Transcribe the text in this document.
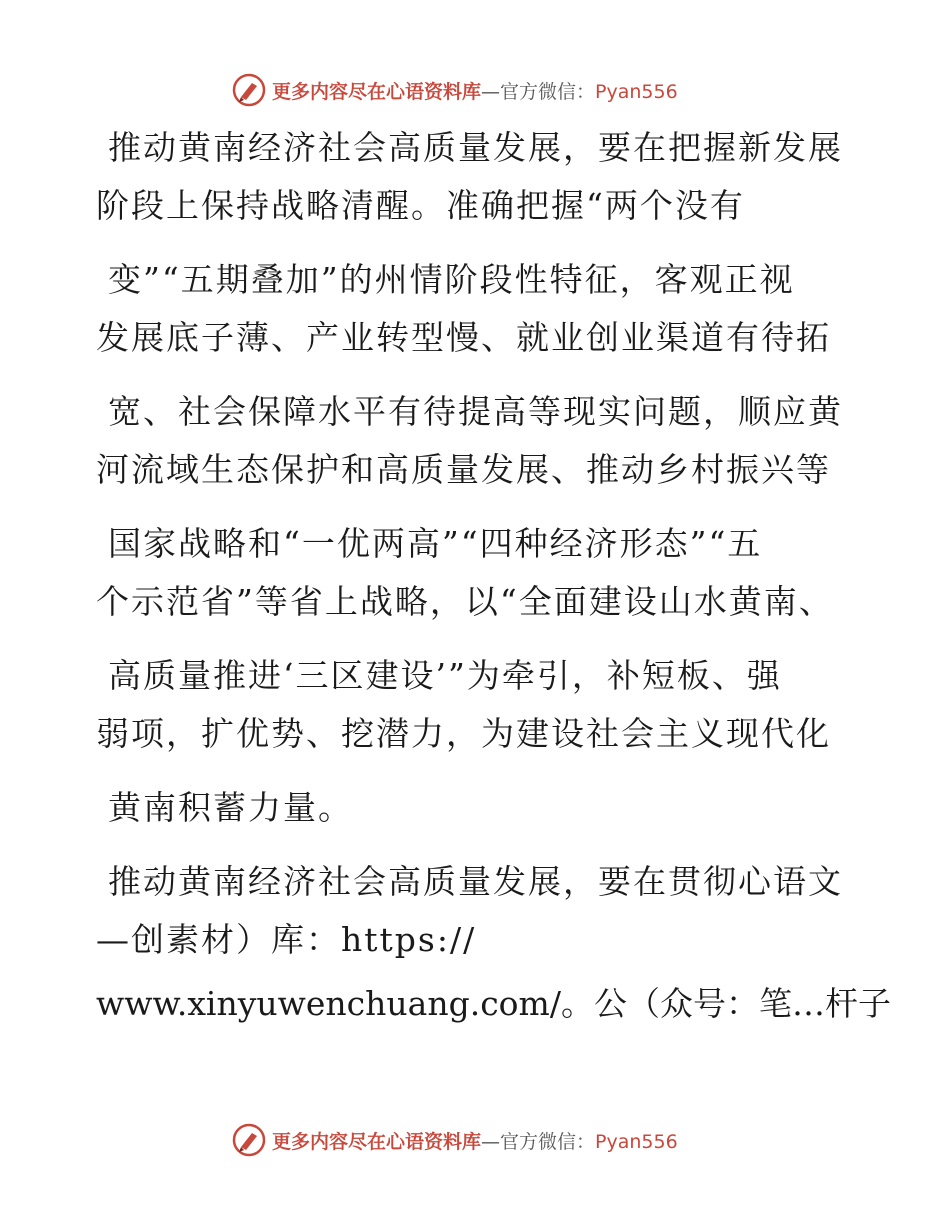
更多内容尽在心语资料库—官方微信：Pyan556
推动黄南经济社会高质量发展，要在把握新发展
阶段上保持战略清醒。准确把握“两个没有
变”“五期叠加”的州情阶段性特征，客观正视
发展底子薄、产业转型慢、就业创业渠道有待拓
宽、社会保障水平有待提高等现实问题，顺应黄
河流域生态保护和高质量发展、推动乡村振兴等
国家战略和“一优两高”“四种经济形态”“五
个示范省”等省上战略，以“全面建设山水黄南、
高质量推进‘三区建设’”为牵引，补短板、强
弱项，扩优势、挖潜力，为建设社会主义现代化
黄南积蓄力量。
推动黄南经济社会高质量发展，要在贯彻心语文
—创素材）库：https://
www.xinyuwenchuang.com/。公（众号：笔…杆子
更多内容尽在心语资料库—官方微信：Pyan556
